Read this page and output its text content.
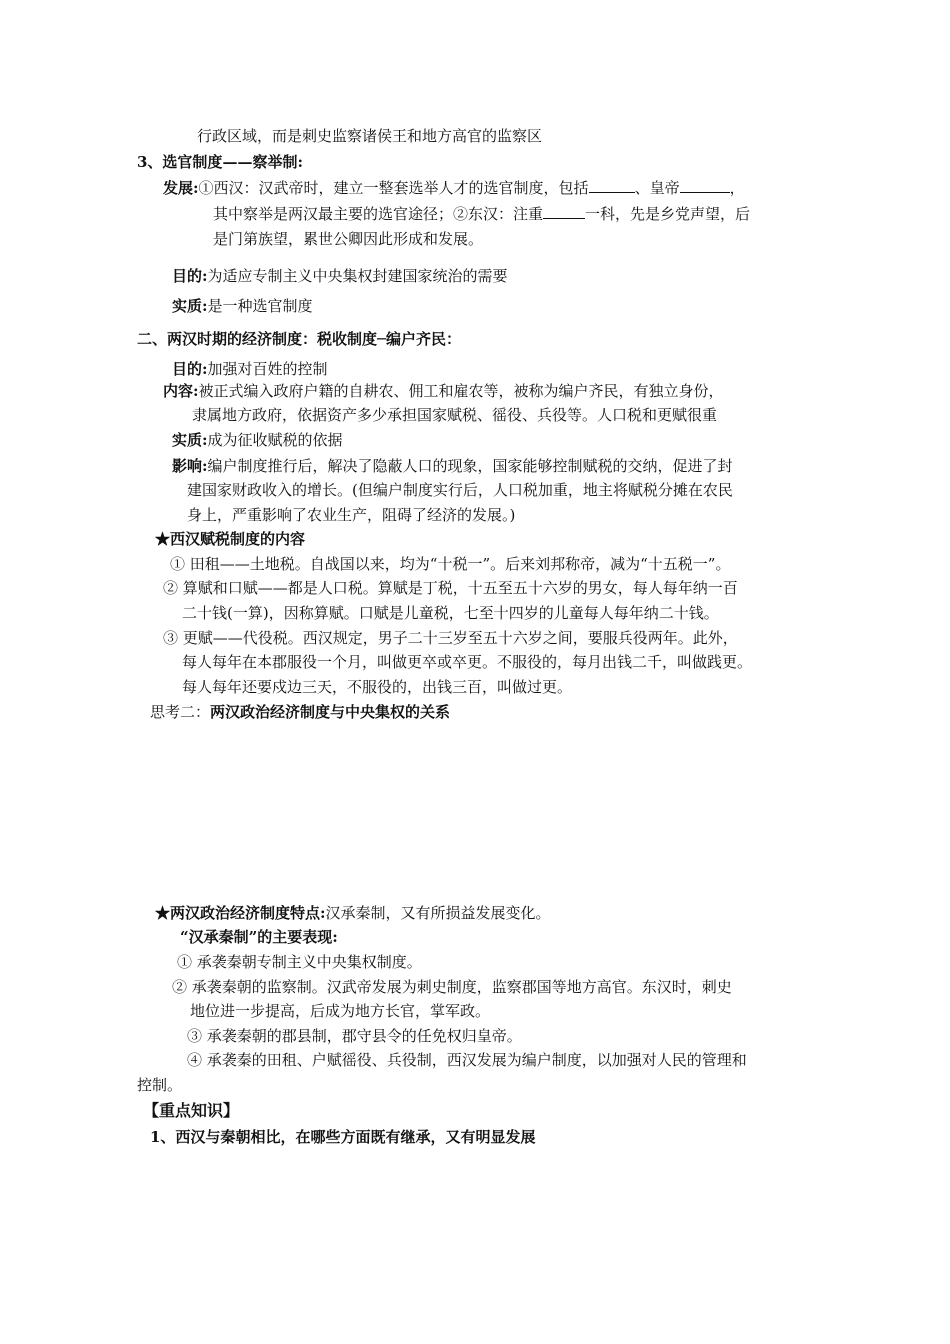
行政区域，而是刺史监察诸侯王和地方高官的监察区
3、选官制度——察举制:
发展:①西汉：汉武帝时，建立一整套选举人才的选官制度，包括	、皇帝	，
其中察举是两汉最主要的选官途径；②东汉：注重	一科，先是乡党声望，后
是门第族望，累世公卿因此形成和发展。
目的:为适应专制主义中央集权封建国家统治的需要
实质:是一种选官制度
二、两汉时期的经济制度：税收制度─编户齐民：
目的:加强对百姓的控制
内容:被正式编入政府户籍的自耕农、佣工和雇农等，被称为编户齐民，有独立身份，
隶属地方政府，依据资产多少承担国家赋税、徭役、兵役等。人口税和更赋很重
实质:成为征收赋税的依据
影响:编户制度推行后，解决了隐蔽人口的现象，国家能够控制赋税的交纳，促进了封
建国家财政收入的增长。(但编户制度实行后，人口税加重，地主将赋税分摊在农民
身上，严重影响了农业生产，阻碍了经济的发展。)
★西汉赋税制度的内容
① 田租——土地税。自战国以来，均为“十税一”。后来刘邦称帝，减为“十五税一”。
② 算赋和口赋——都是人口税。算赋是丁税，十五至五十六岁的男女，每人每年纳一百
二十钱(一算)，因称算赋。口赋是儿童税，七至十四岁的儿童每人每年纳二十钱。
③ 更赋——代役税。西汉规定，男子二十三岁至五十六岁之间，要服兵役两年。此外，
每人每年在本郡服役一个月，叫做更卒或卒更。不服役的，每月出钱二千，叫做践更。
每人每年还要戍边三天，不服役的，出钱三百，叫做过更。
思考二：两汉政治经济制度与中央集权的关系
★两汉政治经济制度特点:汉承秦制，又有所损益发展变化。
“汉承秦制”的主要表现:
① 承袭秦朝专制主义中央集权制度。
② 承袭秦朝的监察制。汉武帝发展为刺史制度，监察郡国等地方高官。东汉时，刺史
地位进一步提高，后成为地方长官，掌军政。
③ 承袭秦朝的郡县制，郡守县令的任免权归皇帝。
④ 承袭秦的田租、户赋徭役、兵役制，西汉发展为编户制度，以加强对人民的管理和
控制。
【重点知识】
1、西汉与秦朝相比，在哪些方面既有继承，又有明显发展
